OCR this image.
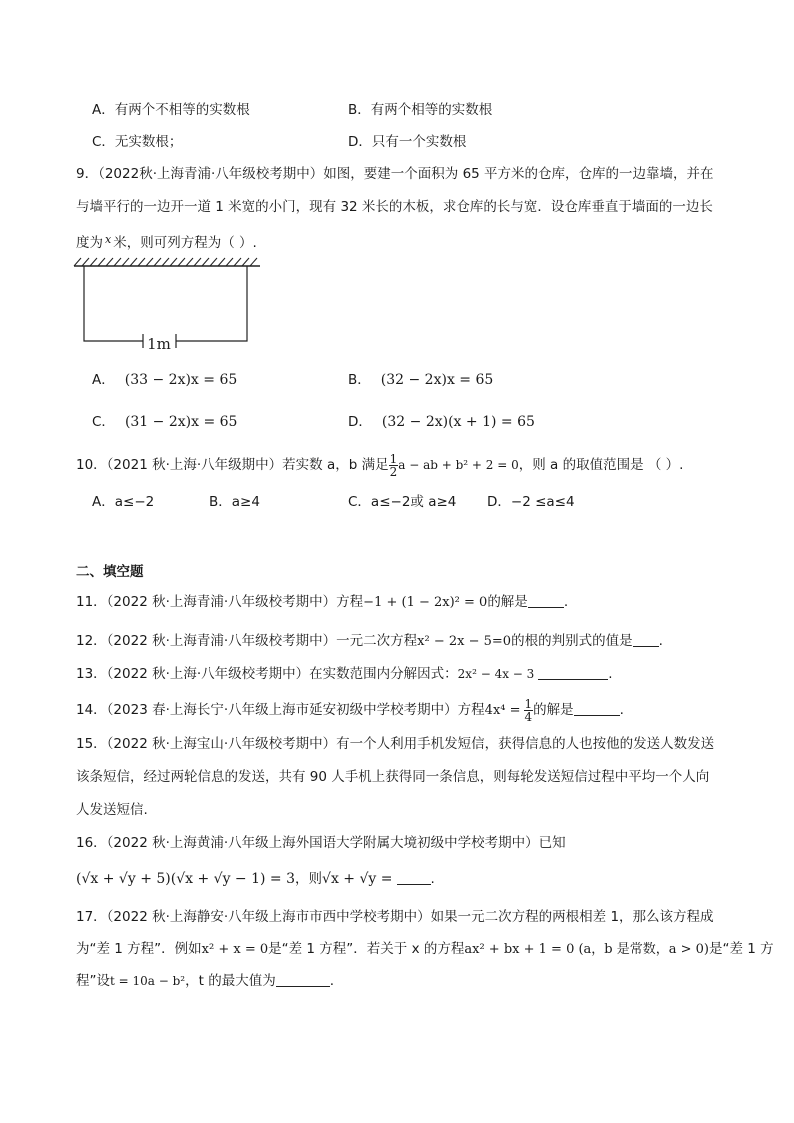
A．有两个不相等的实数根	B．有两个相等的实数根
C．无实数根；	D．只有一个实数根
9．（2022秋·上海青浦·八年级校考期中）如图，要建一个面积为 65 平方米的仓库，仓库的一边靠墙，并在
与墙平行的一边开一道 1 米宽的小门，现有 32 米长的木板，求仓库的长与宽．设仓库垂直于墙面的一边长
度为 $^x$ 米，则可列方程为（ ）.
1m
A． (33 − 2x)x = 65	B． (32 − 2x)x = 65
C． (31 − 2x)x = 65	D． (32 − 2x)(x + 1) = 65
10．（2021 秋·上海·八年级期中）若实数 a，b 满足 $\frac{1}{2}$ a − ab + b² + 2 = 0，则 a 的取值范围是 （ ）.
A．a≤−2	B．a≥4	C．a≤−2或 a≥4 D．−2 ≤a≤4
二、填空题
11．（2022 秋·上海青浦·八年级校考期中）方程−1 + (1 − 2x)² = 0的解是	.
12．（2022 秋·上海青浦·八年级校考期中）一元二次方程x² − 2x − 5=0的根的判别式的值是 .
13．（2022 秋·上海·八年级校考期中）在实数范围内分解因式：2x² − 4x − 3	.
14．（2023 春·上海长宁·八年级上海市延安初级中学校考期中）方程$4x^4 = \frac{1}{4}$ 的解是	.
15．（2022 秋·上海宝山·八年级校考期中）有一个人利用手机发短信，获得信息的人也按他的发送人数发送
该条短信，经过两轮信息的发送，共有 90 人手机上获得同一条信息，则每轮发送短信过程中平均一个人向
人发送短信.
16．（2022 秋·上海黄浦·八年级上海外国语大学附属大境初级中学校考期中）已知
(√x + √y + 5)(√x + √y − 1) = 3，则√x + √y =	.
17．（2022 秋·上海静安·八年级上海市市西中学校考期中）如果一元二次方程的两根相差 1，那么该方程成
为“差 1 方程”．例如x² + x = 0是“差 1 方程”．若关于 x 的方程ax² + bx + 1 = 0 (a，b 是常数，a > 0)是“差 1 方
程”设t = 10a − b²，t 的最大值为	.
